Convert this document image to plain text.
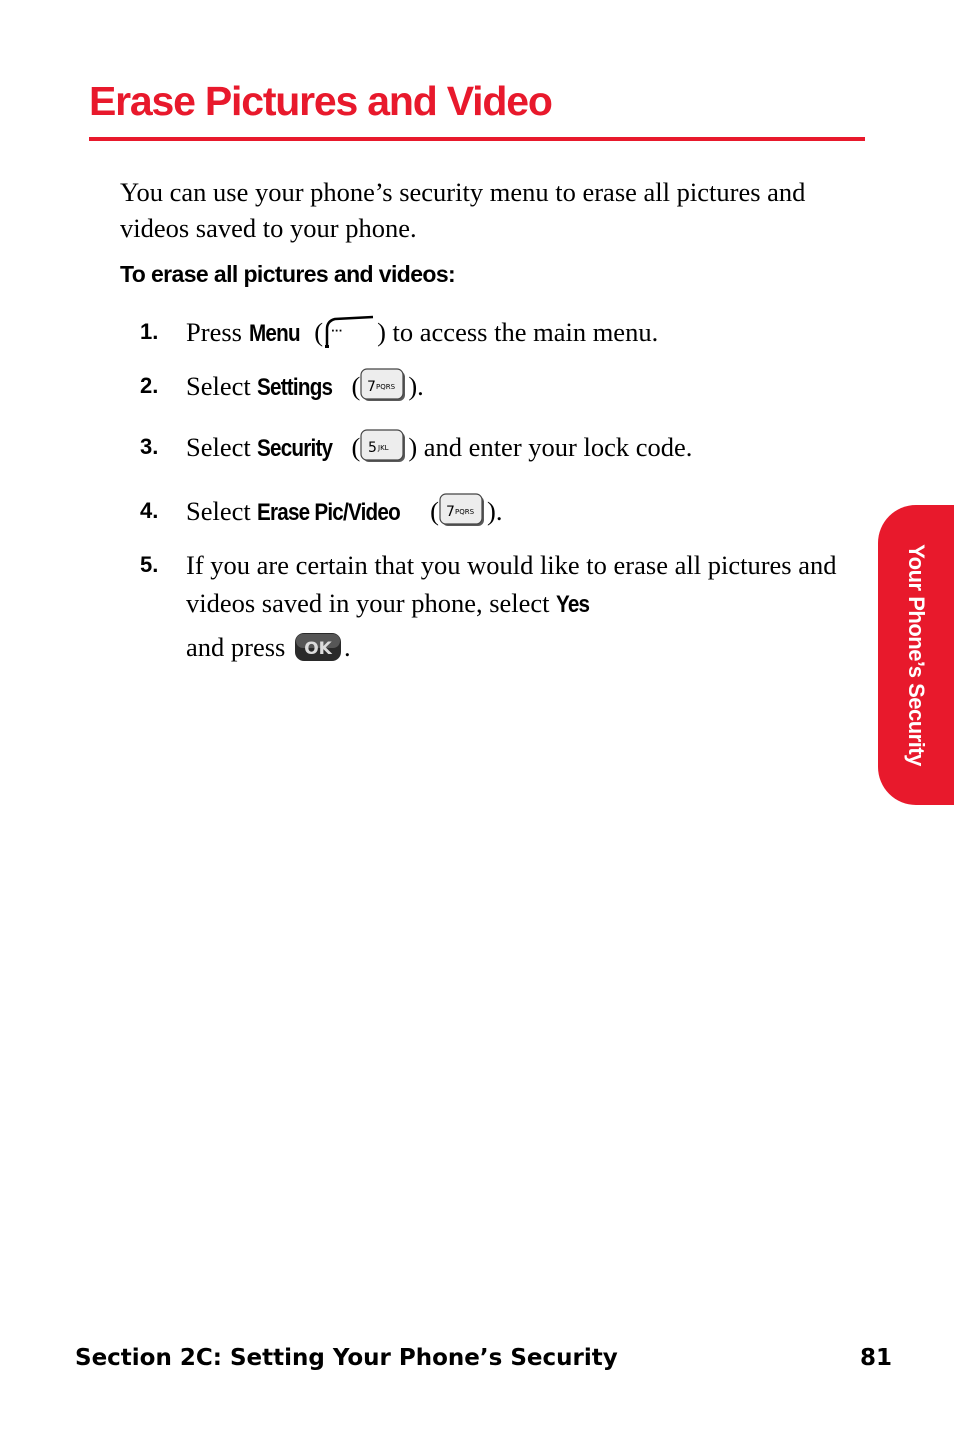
Erase Pictures and Video

You can use your phone’s security menu to erase all pictures and videos saved to your phone.

To erase all pictures and videos:
1. Press Menu ( ··· ) to access the main menu.
2. Select Settings ( 7 PQRS ).
3. Select Security ( 5 JKL ) and enter your lock code.
4. Select Erase Pic/Video ( 7 PQRS ).
5. If you are certain that you would like to erase all pictures and videos saved in your phone, select Yes
and press OK .	Your Phone’s Security
Section 2C: Setting Your Phone’s Security	81
